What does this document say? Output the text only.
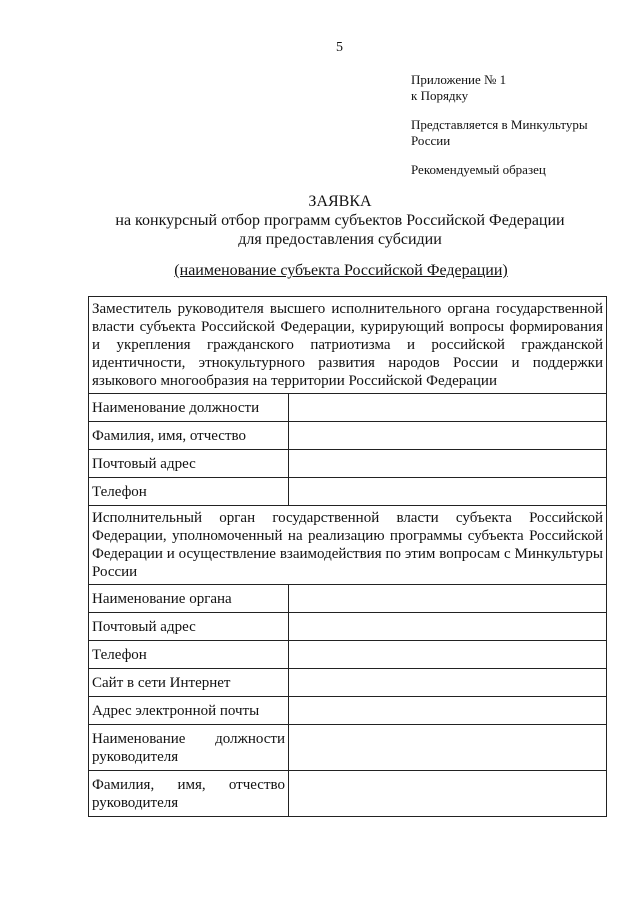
5
Приложение № 1
к Порядку
Представляется в Минкультуры России
Рекомендуемый образец
ЗАЯВКА
на конкурсный отбор программ субъектов Российской Федерации
для предоставления субсидии
(наименование субъекта Российской Федерации)
Заместитель руководителя высшего исполнительного органа государственной власти субъекта Российской Федерации, курирующий вопросы формирования и укрепления гражданского патриотизма и российской гражданской идентичности, этнокультурного развития народов России и поддержки языкового многообразия на территории Российской Федерации	
Наименование должности	
Фамилия, имя, отчество	
Почтовый адрес	
Телефон	
Исполнительный орган государственной власти субъекта Российской Федерации, уполномоченный на реализацию программы субъекта Российской Федерации и осуществление взаимодействия по этим вопросам с Минкультуры России	
Наименование органа	
Почтовый адрес	
Телефон	
Сайт в сети Интернет	
Адрес электронной почты	
Наименование должности руководителя	
Фамилия, имя, отчество руководителя	
